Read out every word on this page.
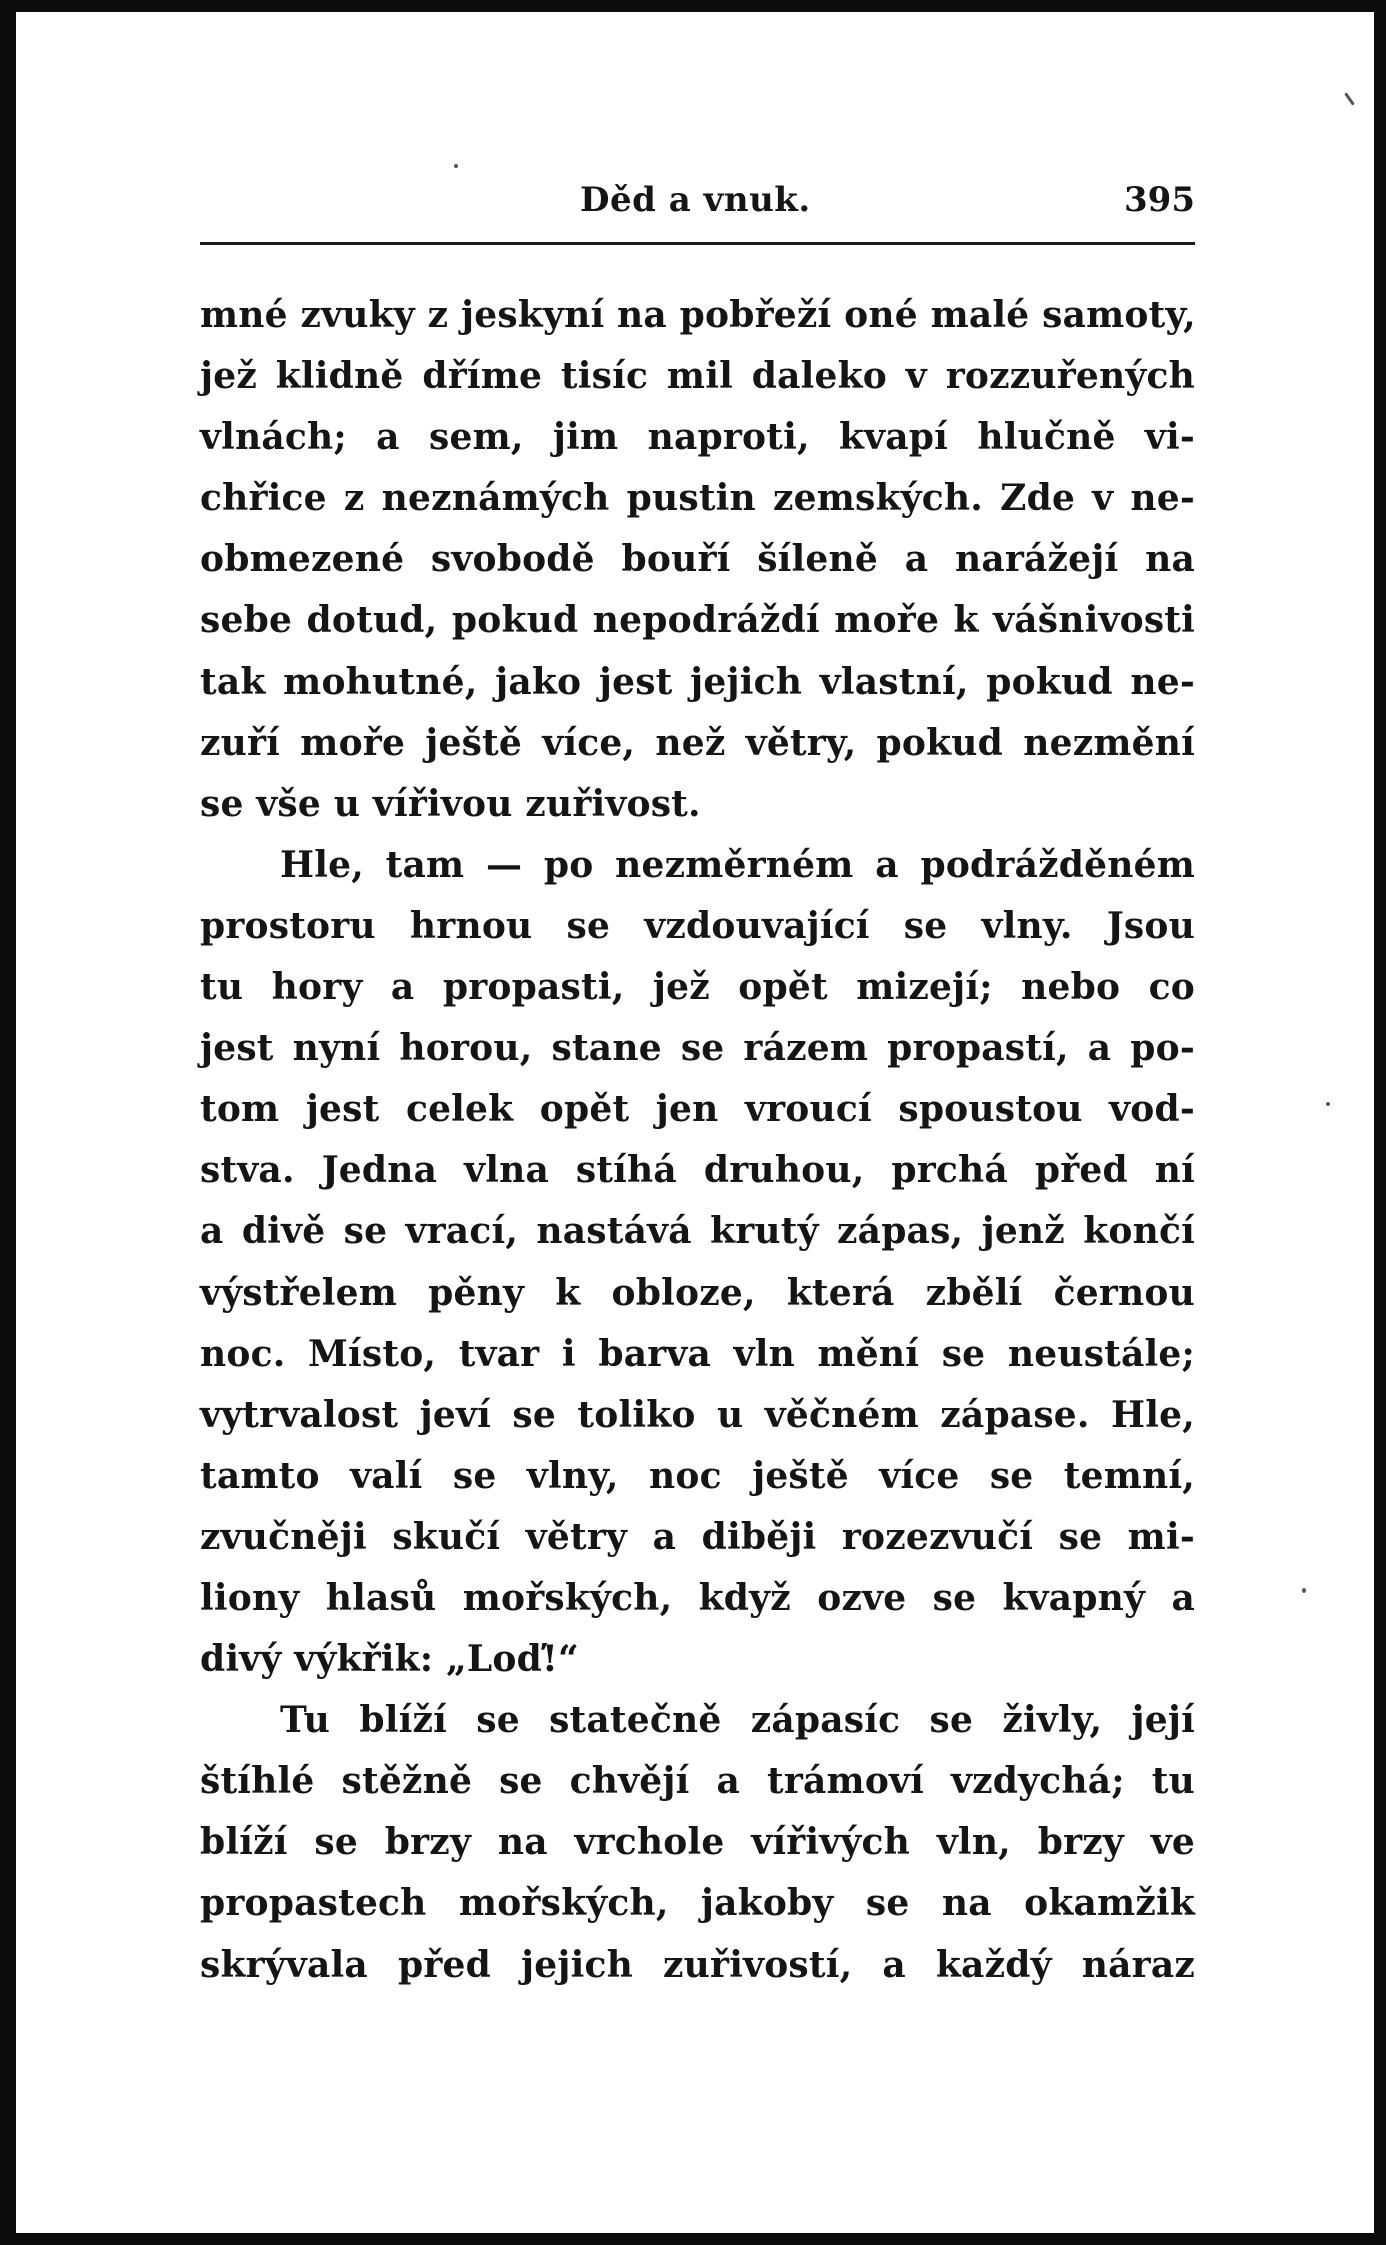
Děd a vnuk.	395
mné zvuky z jeskyní na pobřeží oné malé samoty,
jež klidně dříme tisíc mil daleko v rozzuřených
vlnách; a sem, jim naproti, kvapí hlučně vi-
chřice z neznámých pustin zemských. Zde v ne-
obmezené svobodě bouří šíleně a narážejí na
sebe dotud, pokud nepodráždí moře k vášnivosti
tak mohutné, jako jest jejich vlastní, pokud ne-
zuří moře ještě více, než větry, pokud nezmění
se vše u vířivou zuřivost.
Hle, tam — po nezměrném a podrážděném
prostoru hrnou se vzdouvající se vlny. Jsou
tu hory a propasti, jež opět mizejí; nebo co
jest nyní horou, stane se rázem propastí, a po-
tom jest celek opět jen vroucí spoustou vod-
stva. Jedna vlna stíhá druhou, prchá před ní
a divě se vrací, nastává krutý zápas, jenž končí
výstřelem pěny k obloze, která zbělí černou
noc. Místo, tvar i barva vln mění se neustále;
vytrvalost jeví se toliko u věčném zápase. Hle,
tamto valí se vlny, noc ještě více se temní,
zvučněji skučí větry a diběji rozezvučí se mi-
liony hlasů mořských, když ozve se kvapný a
divý výkřik: „Loď!“
Tu blíží se statečně zápasíc se živly, její
štíhlé stěžně se chvějí a trámoví vzdychá; tu
blíží se brzy na vrchole vířivých vln, brzy ve
propastech mořských, jakoby se na okamžik
skrývala před jejich zuřivostí, a každý náraz
